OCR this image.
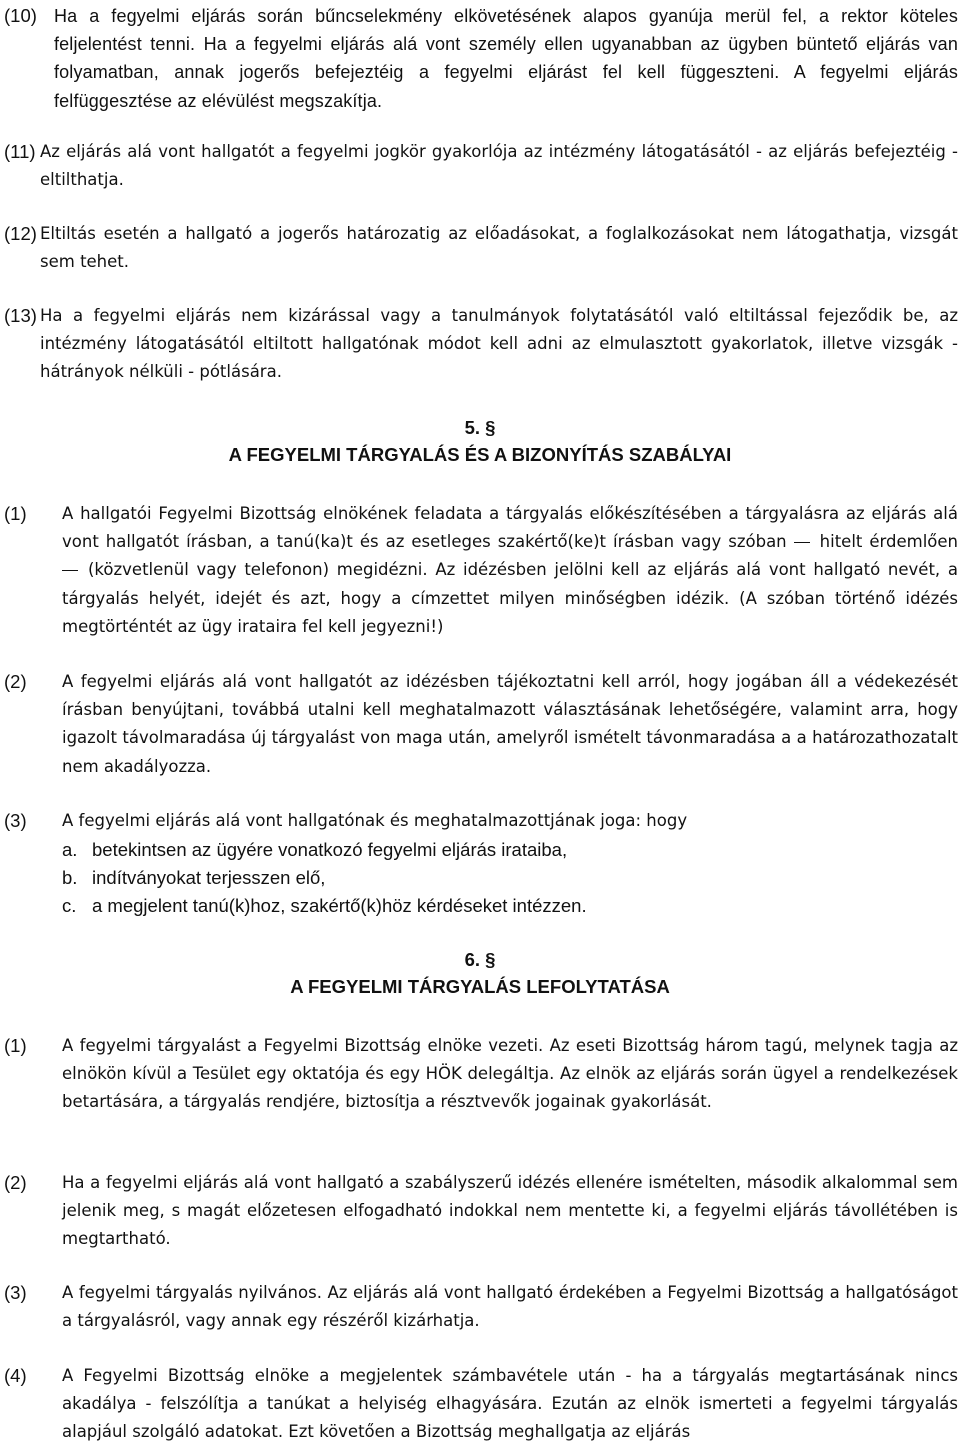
(10) Ha a fegyelmi eljárás során bűncselekmény elkövetésének alapos gyanúja merül fel, a rektor köteles feljelentést tenni. Ha a fegyelmi eljárás alá vont személy ellen ugyanabban az ügyben büntető eljárás van folyamatban, annak jogerős befejeztéig a fegyelmi eljárást fel kell függeszteni. A fegyelmi eljárás felfüggesztése az elévülést megszakítja.
(11) Az eljárás alá vont hallgatót a fegyelmi jogkör gyakorlója az intézmény látogatásától - az eljárás befejeztéig - eltilthatja.
(12) Eltiltás esetén a hallgató a jogerős határozatig az előadásokat, a foglalkozásokat nem látogathatja, vizsgát sem tehet.
(13) Ha a fegyelmi eljárás nem kizárással vagy a tanulmányok folytatásától való eltiltással fejeződik be, az intézmény látogatásától eltiltott hallgatónak módot kell adni az elmulasztott gyakorlatok, illetve vizsgák - hátrányok nélküli - pótlására.
5. §
A FEGYELMI TÁRGYALÁS ÉS A BIZONYÍTÁS SZABÁLYAI
(1) A hallgatói Fegyelmi Bizottság elnökének feladata a tárgyalás előkészítésében a tárgyalásra az eljárás alá vont hallgatót írásban, a tanú(ka)t és az esetleges szakértő(ke)t írásban vagy szóban hitelt érdemlően (közvetlenül vagy telefonon) megidézni. Az idézésben jelölni kell az eljárás alá vont hallgató nevét, a tárgyalás helyét, idejét és azt, hogy a címzettet milyen minőségben idézik. (A szóban történő idézés megtörténtét az ügy irataira fel kell jegyezni!)
(2) A fegyelmi eljárás alá vont hallgatót az idézésben tájékoztatni kell arról, hogy jogában áll a védekezését írásban benyújtani, továbbá utalni kell meghatalmazott választásának lehetőségére, valamint arra, hogy igazolt távolmaradása új tárgyalást von maga után, amelyről ismételt távonmaradása a a határozathozatalt nem akadályozza.
(3) A fegyelmi eljárás alá vont hallgatónak és meghatalmazottjának joga: hogy
a. betekintsen az ügyére vonatkozó fegyelmi eljárás irataiba,
b. indítványokat terjesszen elő,
c. a megjelent tanú(k)hoz, szakértő(k)höz kérdéseket intézzen.
6. §
A FEGYELMI TÁRGYALÁS LEFOLYTATÁSA
(1) A fegyelmi tárgyalást a Fegyelmi Bizottság elnöke vezeti. Az eseti Bizottság három tagú, melynek tagja az elnökön kívül a Tesület egy oktatója és egy HÖK delegáltja. Az elnök az eljárás során ügyel a rendelkezések betartására, a tárgyalás rendjére, biztosítja a résztvevők jogainak gyakorlását.
(2) Ha a fegyelmi eljárás alá vont hallgató a szabályszerű idézés ellenére ismételten, második alkalommal sem jelenik meg, s magát előzetesen elfogadható indokkal nem mentette ki, a fegyelmi eljárás távollétében is megtartható.
(3) A fegyelmi tárgyalás nyilvános. Az eljárás alá vont hallgató érdekében a Fegyelmi Bizottság a hallgatóságot a tárgyalásról, vagy annak egy részéről kizárhatja.
(4) A Fegyelmi Bizottság elnöke a megjelentek számbavétele után - ha a tárgyalás megtartásának nincs akadálya - felszólítja a tanúkat a helyiség elhagyására. Ezután az elnök ismerteti a fegyelmi tárgyalás alapjául szolgáló adatokat. Ezt követően a Bizottság meghallgatja az eljárás
